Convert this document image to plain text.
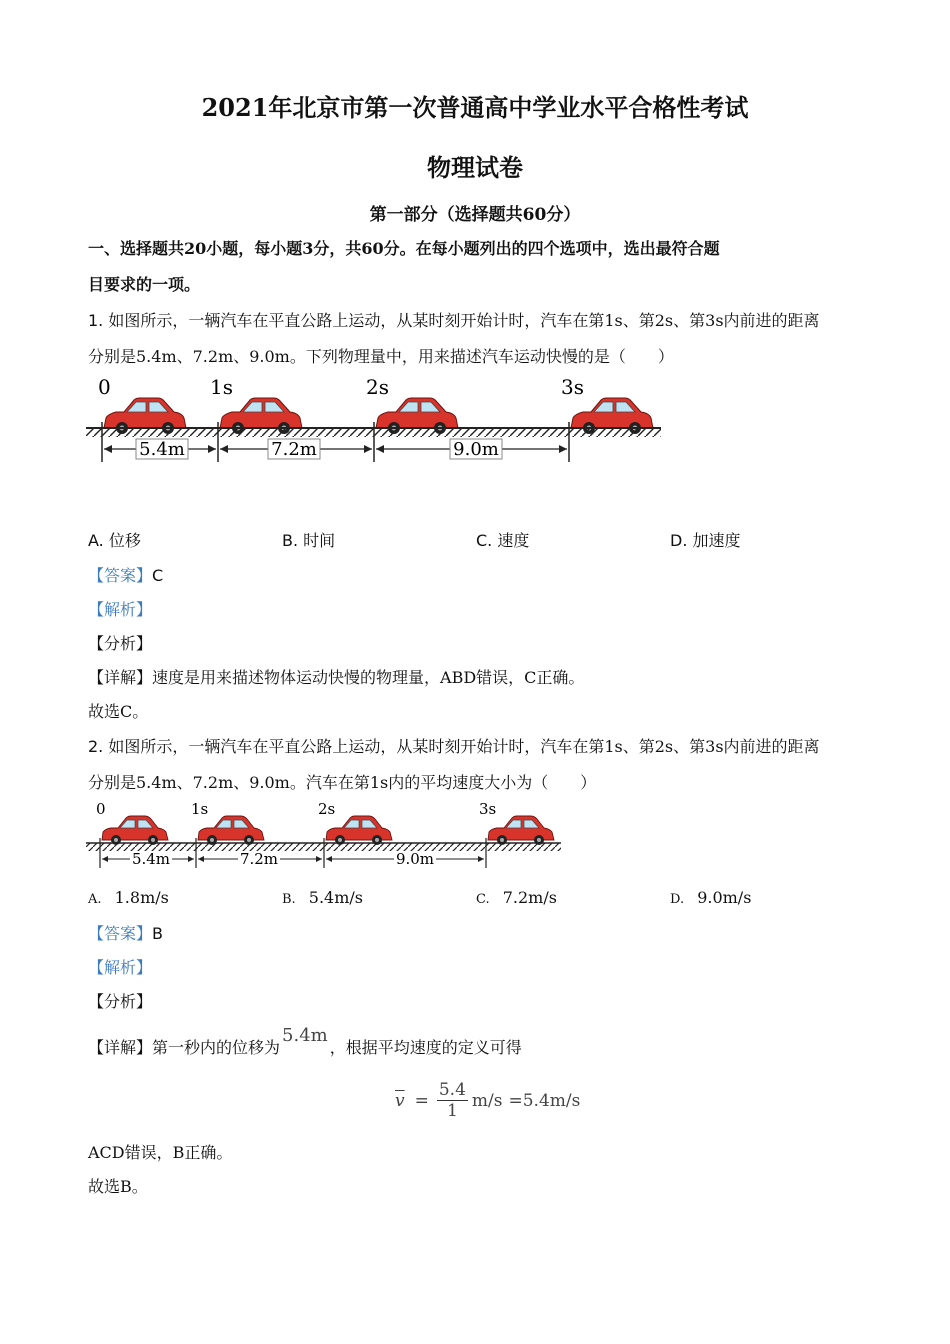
2021年北京市第一次普通高中学业水平合格性考试
物理试卷
第一部分（选择题共60分）
一、选择题共20小题，每小题3分，共60分。在每小题列出的四个选项中，选出最符合题
目要求的一项。
1. 如图所示，一辆汽车在平直公路上运动，从某时刻开始计时，汽车在第1s、第2s、第3s内前进的距离
分别是5.4m、7.2m、9.0m。下列物理量中，用来描述汽车运动快慢的是（　　）
0	1s	2s	3s
5.4m	7.2m	9.0m
A. 位移	B. 时间	C. 速度	D. 加速度
【答案】C
【解析】
【分析】
【详解】速度是用来描述物体运动快慢的物理量，ABD错误，C正确。
故选C。
2. 如图所示，一辆汽车在平直公路上运动，从某时刻开始计时，汽车在第1s、第2s、第3s内前进的距离
分别是5.4m、7.2m、9.0m。汽车在第1s内的平均速度大小为（　　）
0	1s	2s	3s
5.4m	7.2m	9.0m
A. 1.8m/s	B. 5.4m/s	C. 7.2m/s	D. 9.0m/s
【答案】B
【解析】
【分析】
【详解】第一秒内的位移为5.4m，根据平均速度的定义可得
$\overline{v} = \frac{5.4}{1} m/s =5.4m/s$
ACD错误，B正确。
故选B。
